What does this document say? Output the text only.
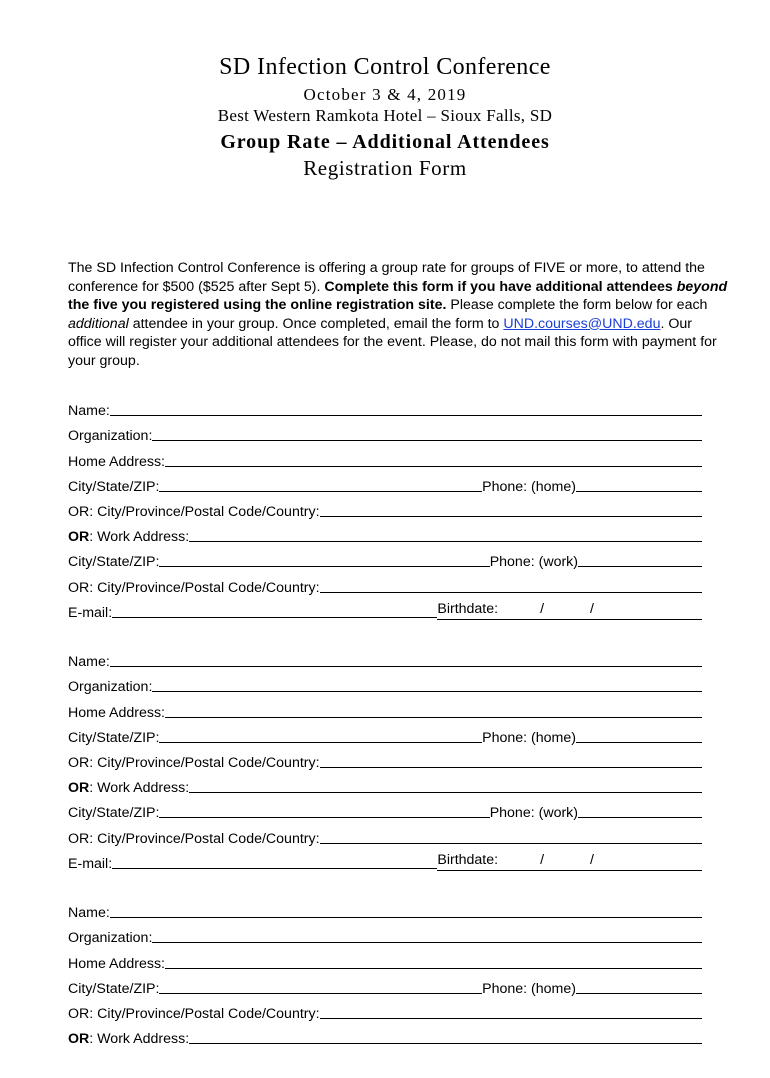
SD Infection Control Conference
October 3 & 4, 2019
Best Western Ramkota Hotel – Sioux Falls, SD
Group Rate – Additional Attendees
Registration Form
The SD Infection Control Conference is offering a group rate for groups of FIVE or more, to attend the conference for $500 ($525 after Sept 5). Complete this form if you have additional attendees beyond the five you registered using the online registration site. Please complete the form below for each additional attendee in your group. Once completed, email the form to UND.courses@UND.edu. Our office will register your additional attendees for the event. Please, do not mail this form with payment for your group.
Name:
Organization:
Home Address:
City/State/ZIP:	Phone: (home)
OR: City/Province/Postal Code/Country:
OR: Work Address:
City/State/ZIP:	Phone: (work)
OR: City/Province/Postal Code/Country:
E-mail:	Birthdate:	/	/
Name:
Organization:
Home Address:
City/State/ZIP:	Phone: (home)
OR: City/Province/Postal Code/Country:
OR: Work Address:
City/State/ZIP:	Phone: (work)
OR: City/Province/Postal Code/Country:
E-mail:	Birthdate:	/	/
Name:
Organization:
Home Address:
City/State/ZIP:	Phone: (home)
OR: City/Province/Postal Code/Country:
OR: Work Address:
